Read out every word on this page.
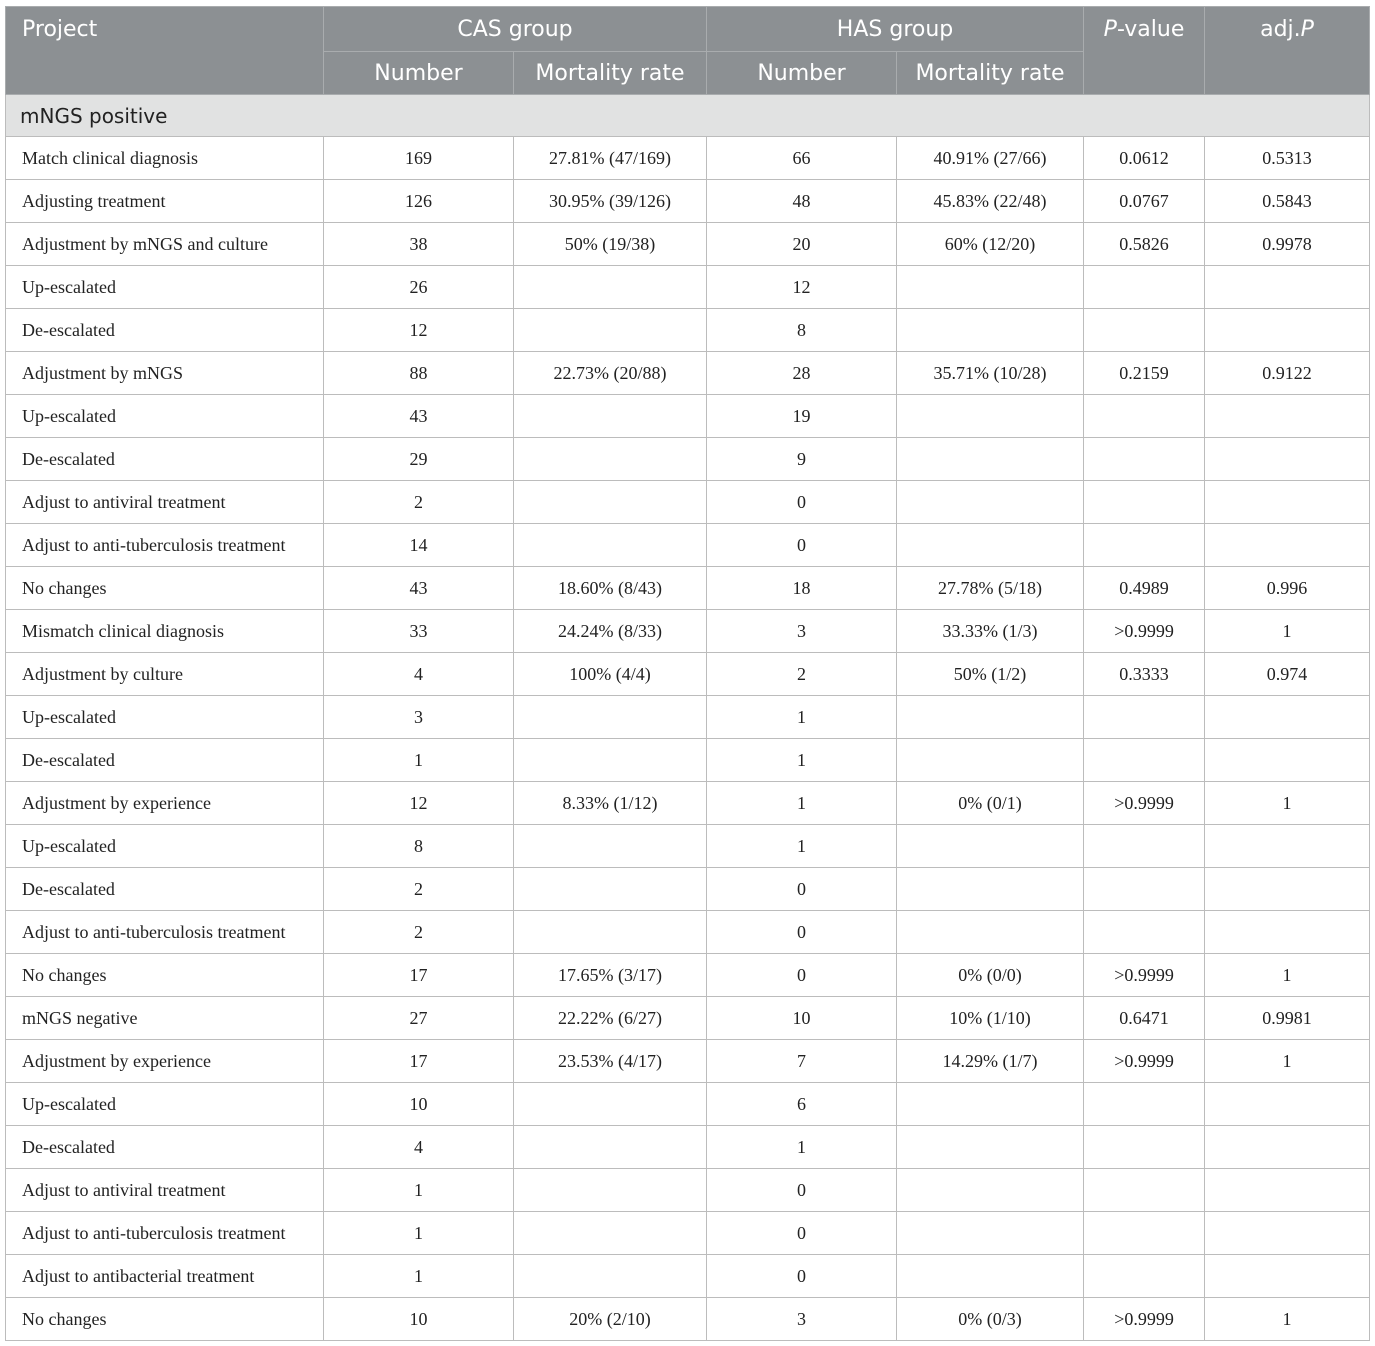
Project	CAS group		HAS group		P-value	adj.P
	Number	Mortality rate	Number	Mortality rate		
mNGS positive						
Match clinical diagnosis	169	27.81% (47/169)	66	40.91% (27/66)	0.0612	0.5313
Adjusting treatment	126	30.95% (39/126)	48	45.83% (22/48)	0.0767	0.5843
Adjustment by mNGS and culture	38	50% (19/38)	20	60% (12/20)	0.5826	0.9978
Up-escalated	26		12			
De-escalated	12		8			
Adjustment by mNGS	88	22.73% (20/88)	28	35.71% (10/28)	0.2159	0.9122
Up-escalated	43		19			
De-escalated	29		9			
Adjust to antiviral treatment	2		0			
Adjust to anti-tuberculosis treatment	14		0			
No changes	43	18.60% (8/43)	18	27.78% (5/18)	0.4989	0.996
Mismatch clinical diagnosis	33	24.24% (8/33)	3	33.33% (1/3)	>0.9999	1
Adjustment by culture	4	100% (4/4)	2	50% (1/2)	0.3333	0.974
Up-escalated	3		1			
De-escalated	1		1			
Adjustment by experience	12	8.33% (1/12)	1	0% (0/1)	>0.9999	1
Up-escalated	8		1			
De-escalated	2		0			
Adjust to anti-tuberculosis treatment	2		0			
No changes	17	17.65% (3/17)	0	0% (0/0)	>0.9999	1
mNGS negative	27	22.22% (6/27)	10	10% (1/10)	0.6471	0.9981
Adjustment by experience	17	23.53% (4/17)	7	14.29% (1/7)	>0.9999	1
Up-escalated	10		6			
De-escalated	4		1			
Adjust to antiviral treatment	1		0			
Adjust to anti-tuberculosis treatment	1		0			
Adjust to antibacterial treatment	1		0			
No changes	10	20% (2/10)	3	0% (0/3)	>0.9999	1
